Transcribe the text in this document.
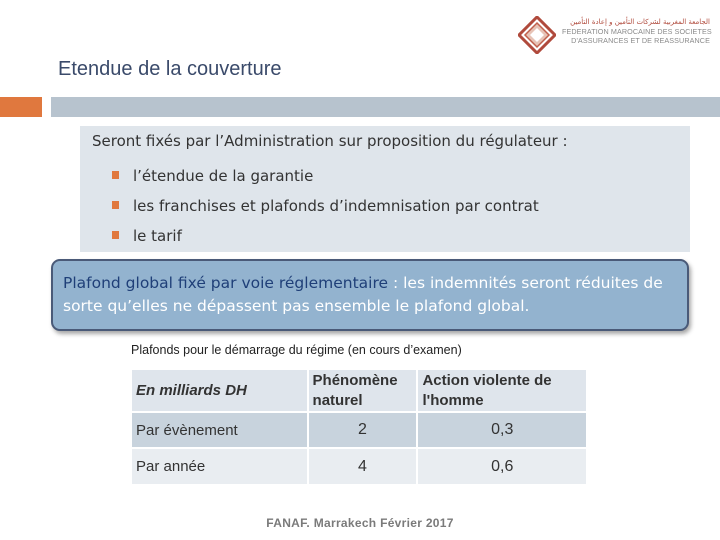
الجامعة المغربية لشركات التأمين و إعادة التأمين
FEDERATION MAROCAINE DES SOCIETES
D'ASSURANCES ET DE REASSURANCE
Etendue de la couverture
Seront fixés par l’Administration sur proposition du régulateur :
l’étendue de la garantie
les franchises et plafonds d’indemnisation par contrat
le tarif

Plafond global fixé par voie réglementaire : les indemnités seront réduites de sorte qu’elles ne dépassent pas ensemble le plafond global.

Plafonds pour le démarrage du régime (en cours d’examen)
En milliards DH	Phénomène naturel	Action violente de l'homme
Par évènement	2	0,3
Par année	4	0,6
FANAF. Marrakech Février 2017
